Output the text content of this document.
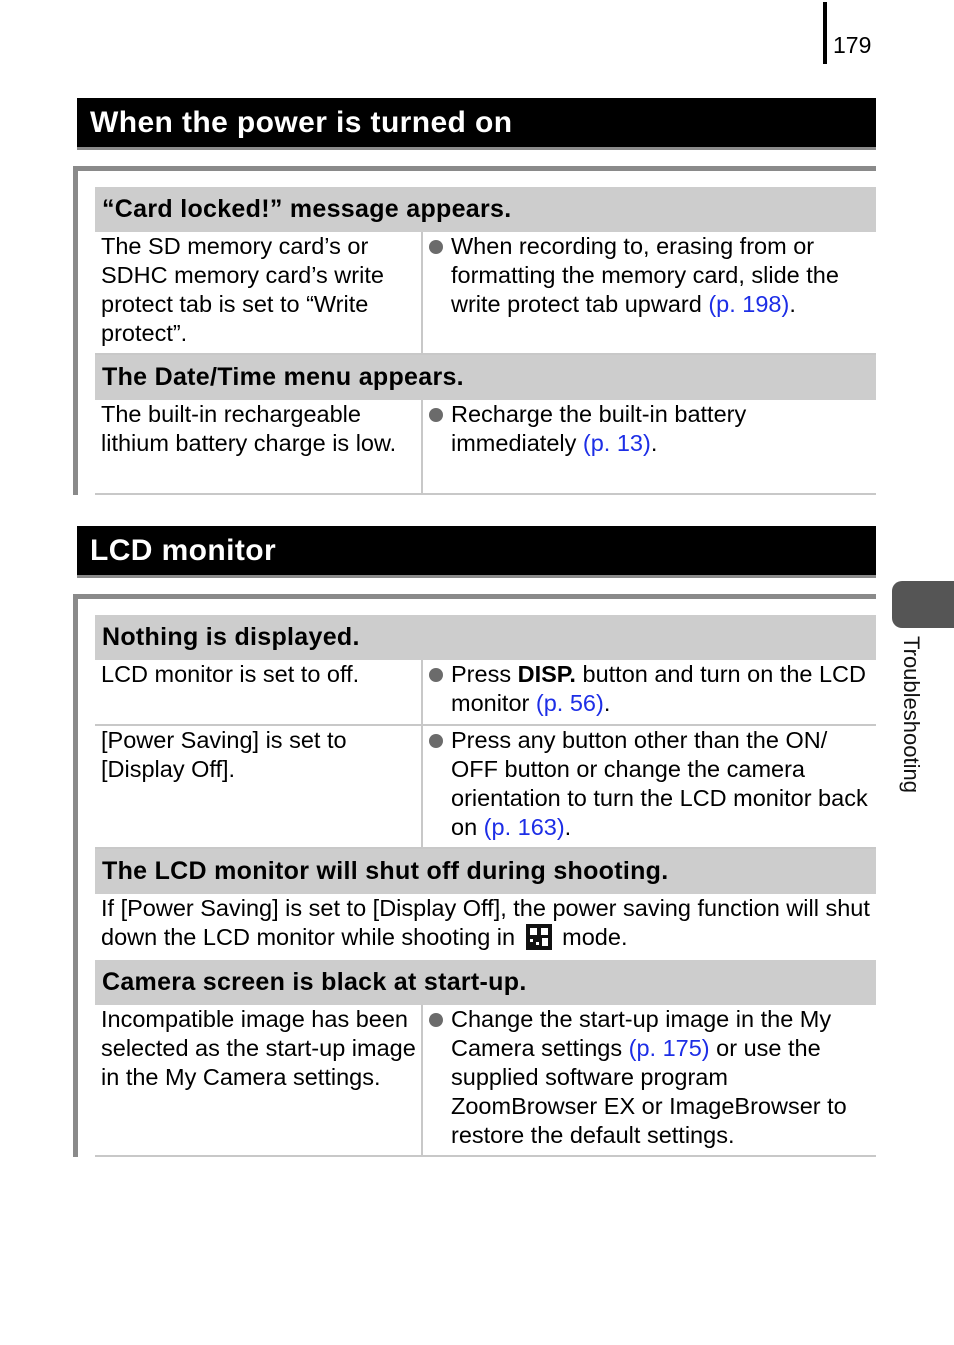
179
When the power is turned on
“Card locked!” message appears.
The SD memory card’s or SDHC memory card’s write protect tab is set to “Write protect”.
When recording to, erasing from or formatting the memory card, slide the write protect tab upward (p. 198).
The Date/Time menu appears.
The built-in rechargeable lithium battery charge is low.
Recharge the built-in battery immediately (p. 13).
LCD monitor
Nothing is displayed.
LCD monitor is set to off.	Press DISP. button and turn on the LCD monitor (p. 56).
[Power Saving] is set to [Display Off].
Press any button other than the ON/ OFF button or change the camera orientation to turn the LCD monitor back on (p. 163).
The LCD monitor will shut off during shooting.
If [Power Saving] is set to [Display Off], the power saving function will shut down the LCD monitor while shooting in mode.
Camera screen is black at start-up.
Incompatible image has been selected as the start-up image in the My Camera settings.
Change the start-up image in the My Camera settings (p. 175) or use the supplied software program ZoomBrowser EX or ImageBrowser to restore the default settings.
Troubleshooting
